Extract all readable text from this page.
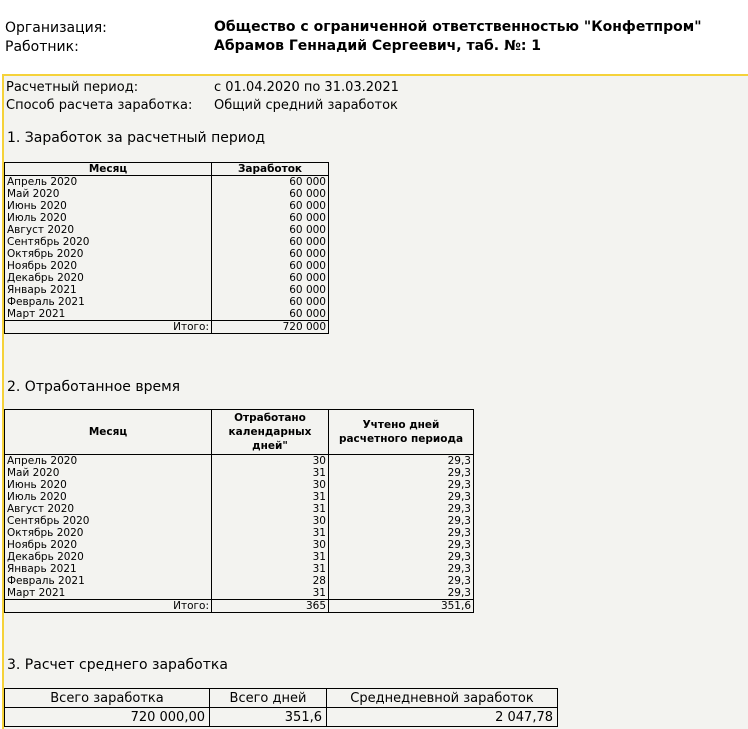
Организация:	Общество с ограниченной ответственностью "Конфетпром"
Работник:	Абрамов Геннадий Сергеевич, таб. №: 1
Расчетный период:	с 01.04.2020 по 31.03.2021
Способ расчета заработка: Общий средний заработок
1. Заработок за расчетный период
Месяц	Заработок
Апрель 2020	60 000
Май 2020	60 000
Июнь 2020	60 000
Июль 2020	60 000
Август 2020	60 000
Сентябрь 2020	60 000
Октябрь 2020	60 000
Ноябрь 2020	60 000
Декабрь 2020	60 000
Январь 2021	60 000
Февраль 2021	60 000
Март 2021	60 000
Итого:	720 000
2. Отработанное время
Месяц	Отработано календарных дней"	Учтено дней расчетного периода
Апрель 2020	30	29,3
Май 2020	31	29,3
Июнь 2020	30	29,3
Июль 2020	31	29,3
Август 2020	31	29,3
Сентябрь 2020	30	29,3
Октябрь 2020	31	29,3
Ноябрь 2020	30	29,3
Декабрь 2020	31	29,3
Январь 2021	31	29,3
Февраль 2021	28	29,3
Март 2021	31	29,3
Итого:	365	351,6
3. Расчет среднего заработка
Всего заработка	Всего дней	Среднедневной заработок
720 000,00	351,6	2 047,78
